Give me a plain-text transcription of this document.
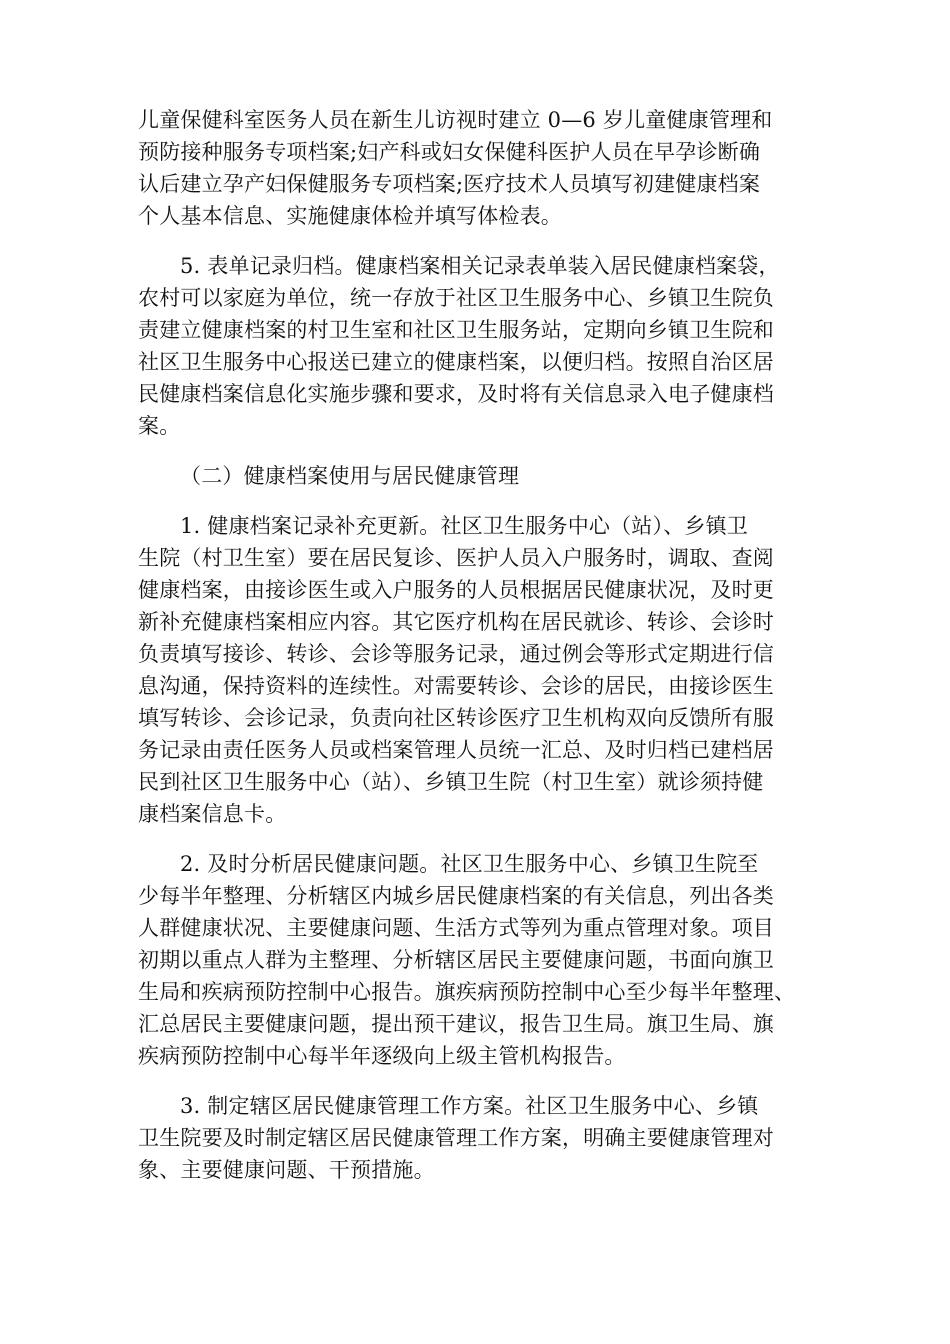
儿童保健科室医务人员在新生儿访视时建立 0—6 岁儿童健康管理和
预防接种服务专项档案;妇产科或妇女保健科医护人员在早孕诊断确
认后建立孕产妇保健服务专项档案;医疗技术人员填写初建健康档案
个人基本信息、实施健康体检并填写体检表。
5. 表单记录归档。健康档案相关记录表单装入居民健康档案袋，
农村可以家庭为单位，统一存放于社区卫生服务中心、乡镇卫生院负
责建立健康档案的村卫生室和社区卫生服务站，定期向乡镇卫生院和
社区卫生服务中心报送已建立的健康档案，以便归档。按照自治区居
民健康档案信息化实施步骤和要求，及时将有关信息录入电子健康档
案。
（二）健康档案使用与居民健康管理
1. 健康档案记录补充更新。社区卫生服务中心（站）、乡镇卫
生院（村卫生室）要在居民复诊、医护人员入户服务时，调取、查阅
健康档案，由接诊医生或入户服务的人员根据居民健康状况，及时更
新补充健康档案相应内容。其它医疗机构在居民就诊、转诊、会诊时
负责填写接诊、转诊、会诊等服务记录，通过例会等形式定期进行信
息沟通，保持资料的连续性。对需要转诊、会诊的居民，由接诊医生
填写转诊、会诊记录，负责向社区转诊医疗卫生机构双向反馈所有服
务记录由责任医务人员或档案管理人员统一汇总、及时归档已建档居
民到社区卫生服务中心（站）、乡镇卫生院（村卫生室）就诊须持健
康档案信息卡。
2. 及时分析居民健康问题。社区卫生服务中心、乡镇卫生院至
少每半年整理、分析辖区内城乡居民健康档案的有关信息，列出各类
人群健康状况、主要健康问题、生活方式等列为重点管理对象。项目
初期以重点人群为主整理、分析辖区居民主要健康问题，书面向旗卫
生局和疾病预防控制中心报告。旗疾病预防控制中心至少每半年整理、
汇总居民主要健康问题，提出预干建议，报告卫生局。旗卫生局、旗
疾病预防控制中心每半年逐级向上级主管机构报告。
3. 制定辖区居民健康管理工作方案。社区卫生服务中心、乡镇
卫生院要及时制定辖区居民健康管理工作方案，明确主要健康管理对
象、主要健康问题、干预措施。
